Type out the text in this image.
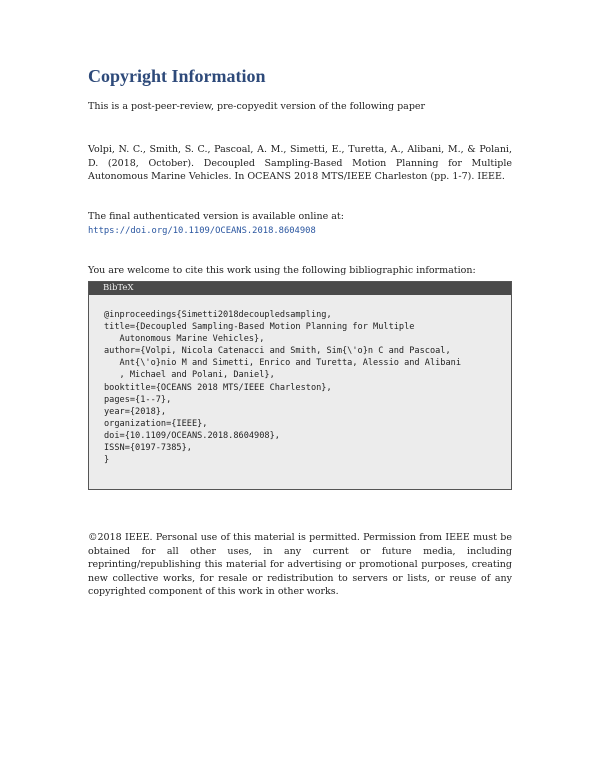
Copyright Information
This is a post-peer-review, pre-copyedit version of the following paper
Volpi, N. C., Smith, S. C., Pascoal, A. M., Simetti, E., Turetta, A., Alibani, M., & Polani, D. (2018, October). Decoupled Sampling-Based Motion Planning for Multiple Autonomous Marine Vehicles. In OCEANS 2018 MTS/IEEE Charleston (pp. 1-7). IEEE.
The final authenticated version is available online at:
https://doi.org/10.1109/OCEANS.2018.8604908
You are welcome to cite this work using the following bibliographic information:
BibTeX
@inproceedings{Simetti2018decoupledsampling,
title={Decoupled Sampling-Based Motion Planning for Multiple
Autonomous Marine Vehicles},
author={Volpi, Nicola Catenacci and Smith, Sim{\'o}n C and Pascoal,
Ant{\'o}nio M and Simetti, Enrico and Turetta, Alessio and Alibani
, Michael and Polani, Daniel},
booktitle={OCEANS 2018 MTS/IEEE Charleston},
pages={1--7},
year={2018},
organization={IEEE},
doi={10.1109/OCEANS.2018.8604908},
ISSN={0197-7385},
}
©2018 IEEE. Personal use of this material is permitted. Permission from IEEE must be obtained for all other uses, in any current or future media, including reprinting/republishing this material for advertising or promotional purposes, creating new collective works, for resale or redistribution to servers or lists, or reuse of any copyrighted component of this work in other works.
